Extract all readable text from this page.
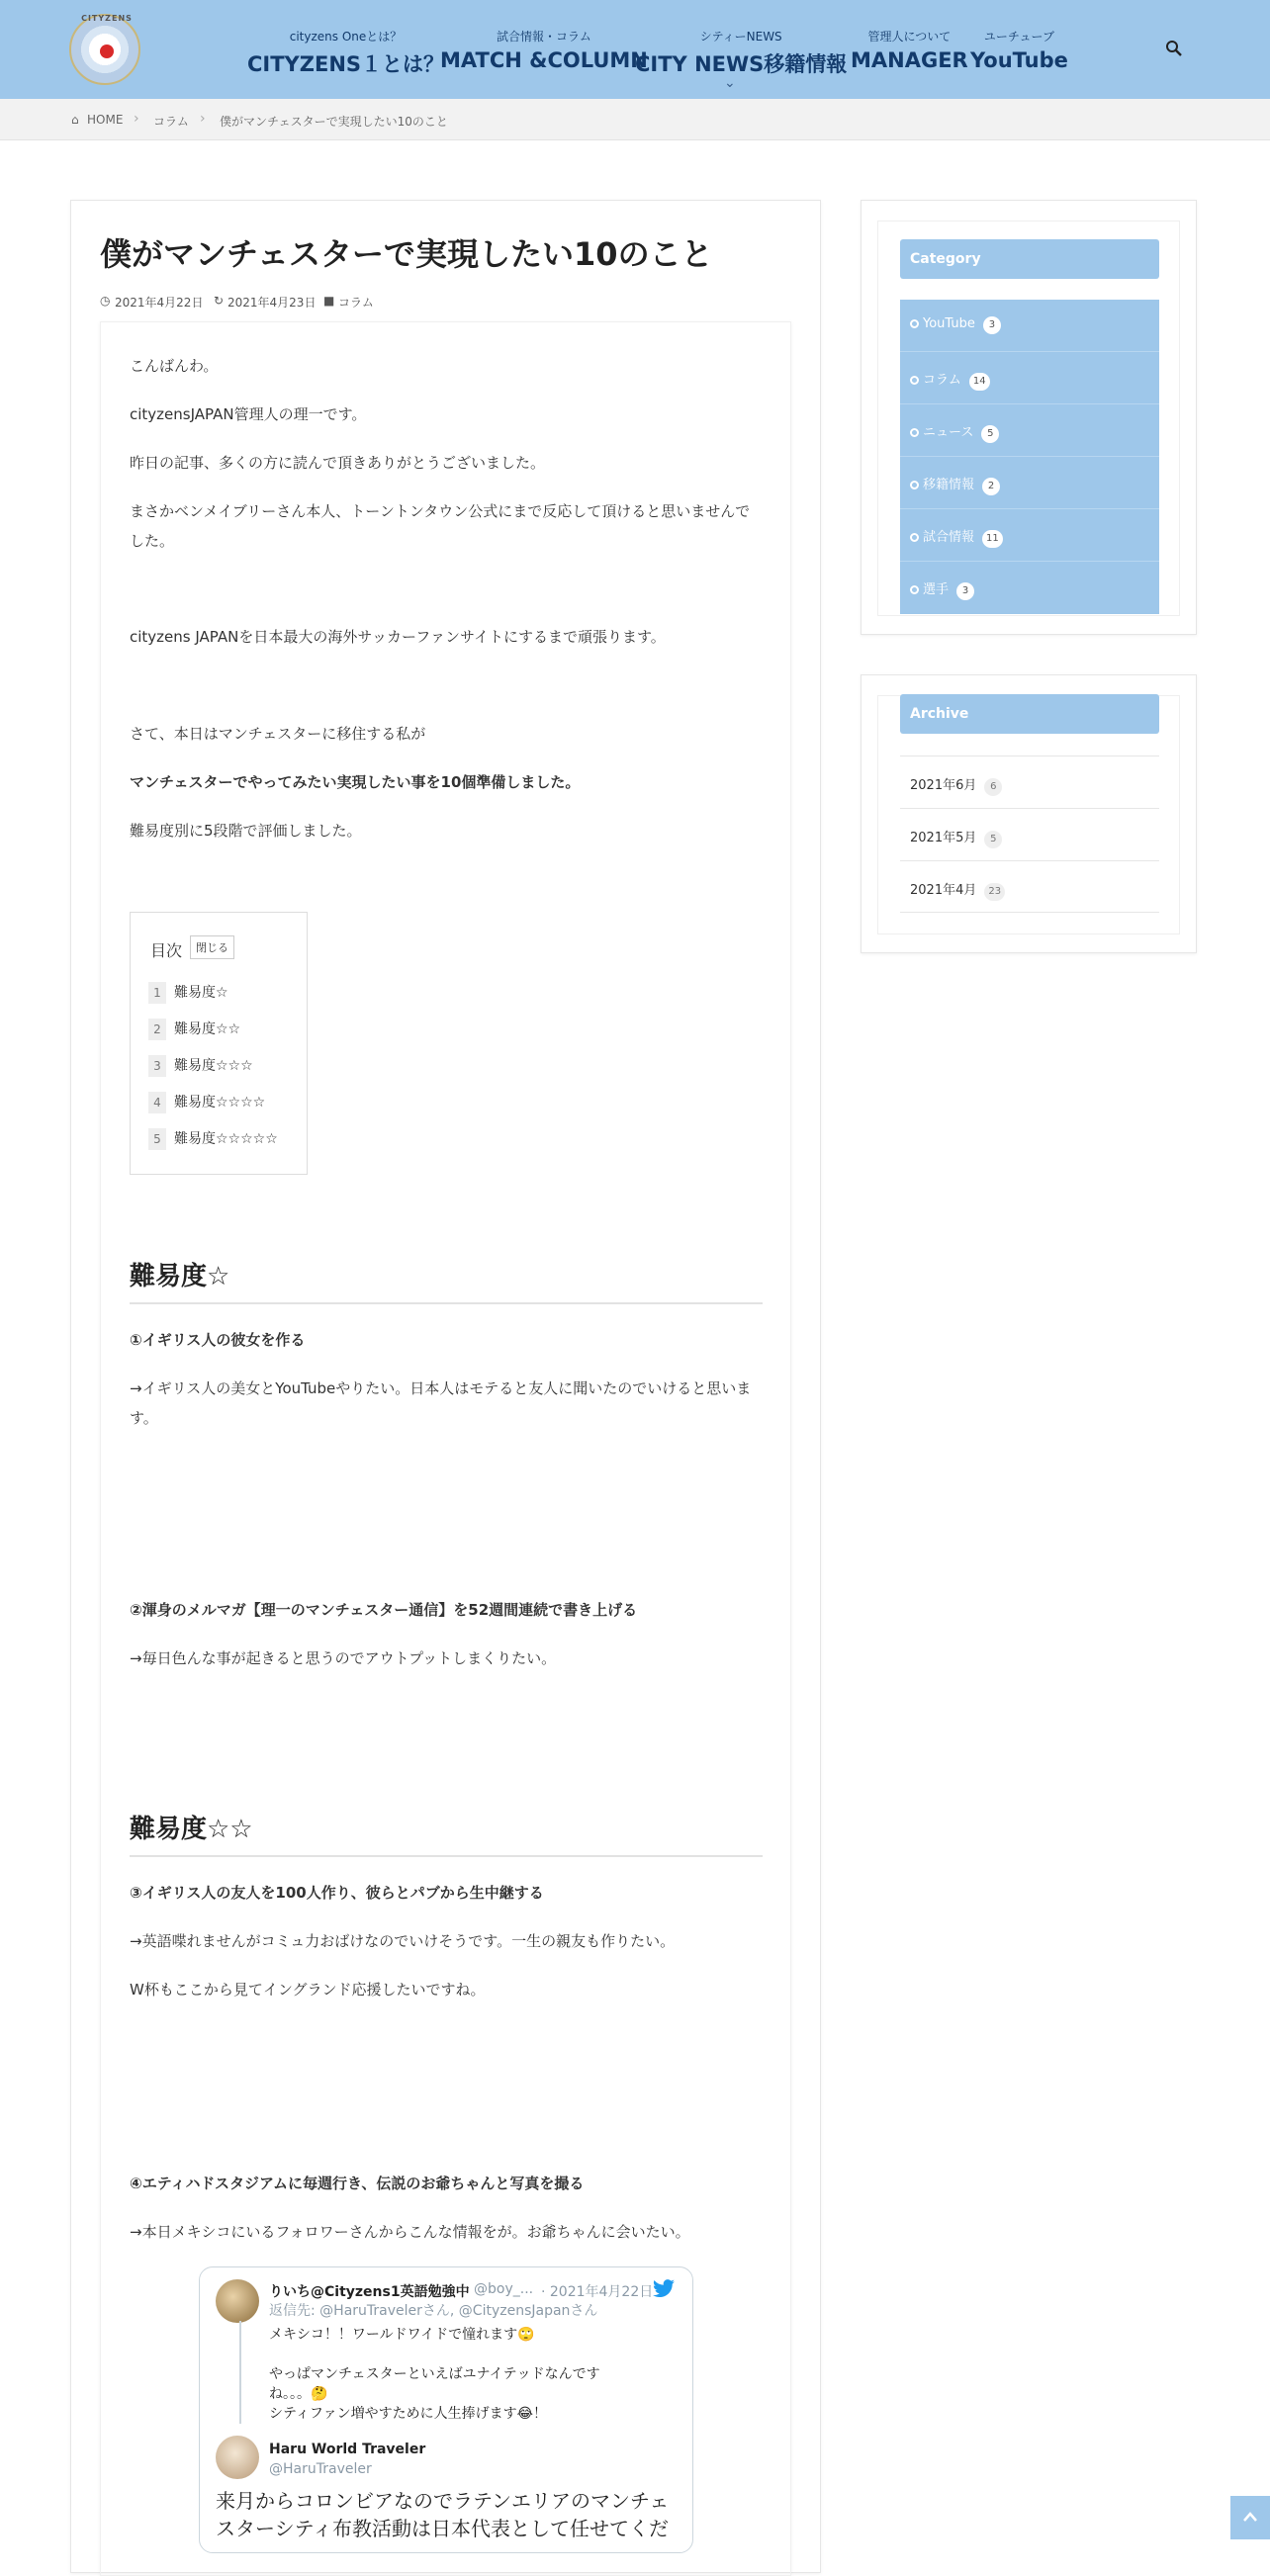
CITYZENS
cityzens Oneとは？
CITYZENS１とは？
試合情報・コラム
MATCH &COLUMN
シティーNEWS
CITY NEWS移籍情報
⌄
管理人について
MANAGER
ユーチューブ
YouTube
⌂ HOME › コラム › 僕がマンチェスターで実現したい10のこと
僕がマンチェスターで実現したい10のこと
◷ 2021年4月22日 ↻ 2021年4月23日 ■ コラム
こんばんわ。
cityzensJAPAN管理人の理一です。
昨日の記事、多くの方に読んで頂きありがとうございました。
まさかベンメイブリーさん本人、トーントンタウン公式にまで反応して頂けると思いませんでした。
cityzens JAPANを日本最大の海外サッカーファンサイトにするまで頑張ります。
さて、本日はマンチェスターに移住する私が
マンチェスターでやってみたい実現したい事を10個準備しました。
難易度別に5段階で評価しました。
目次	閉じる
1 難易度☆
2 難易度☆☆
3 難易度☆☆☆
4 難易度☆☆☆☆
5 難易度☆☆☆☆☆
難易度☆
①イギリス人の彼女を作る
→イギリス人の美女とYouTubeやりたい。日本人はモテると友人に聞いたのでいけると思います。
②渾身のメルマガ【理一のマンチェスター通信】を52週間連続で書き上げる
→毎日色んな事が起きると思うのでアウトプットしまくりたい。
難易度☆☆
③イギリス人の友人を100人作り、彼らとパブから生中継する
→英語喋れませんがコミュ力おばけなのでいけそうです。一生の親友も作りたい。
W杯もここから見てイングランド応援したいですね。
④エティハドスタジアムに毎週行き、伝説のお爺ちゃんと写真を撮る
→本日メキシコにいるフォロワーさんからこんな情報をが。お爺ちゃんに会いたい。
りいち@Cityzens1英語勉強中 @boy_... · 2021年4月22日
返信先: @HaruTravelerさん, @CityzensJapanさん
メキシコ！！ワールドワイドで憧れます🙄
やっぱマンチェスターといえばユナイテッドなんです
ね。。。🤔
シティファン増やすために人生捧げます😂！
Haru World Traveler
@HaruTraveler
来月からコロンビアなのでラテンエリアのマンチェスターシティ布教活動は日本代表として任せてくだ
Category
YouTube 3
コラム 14
ニュース 5
移籍情報 2
試合情報 11
選手 3
Archive
2021年6月 6
2021年5月 5
2021年4月 23
